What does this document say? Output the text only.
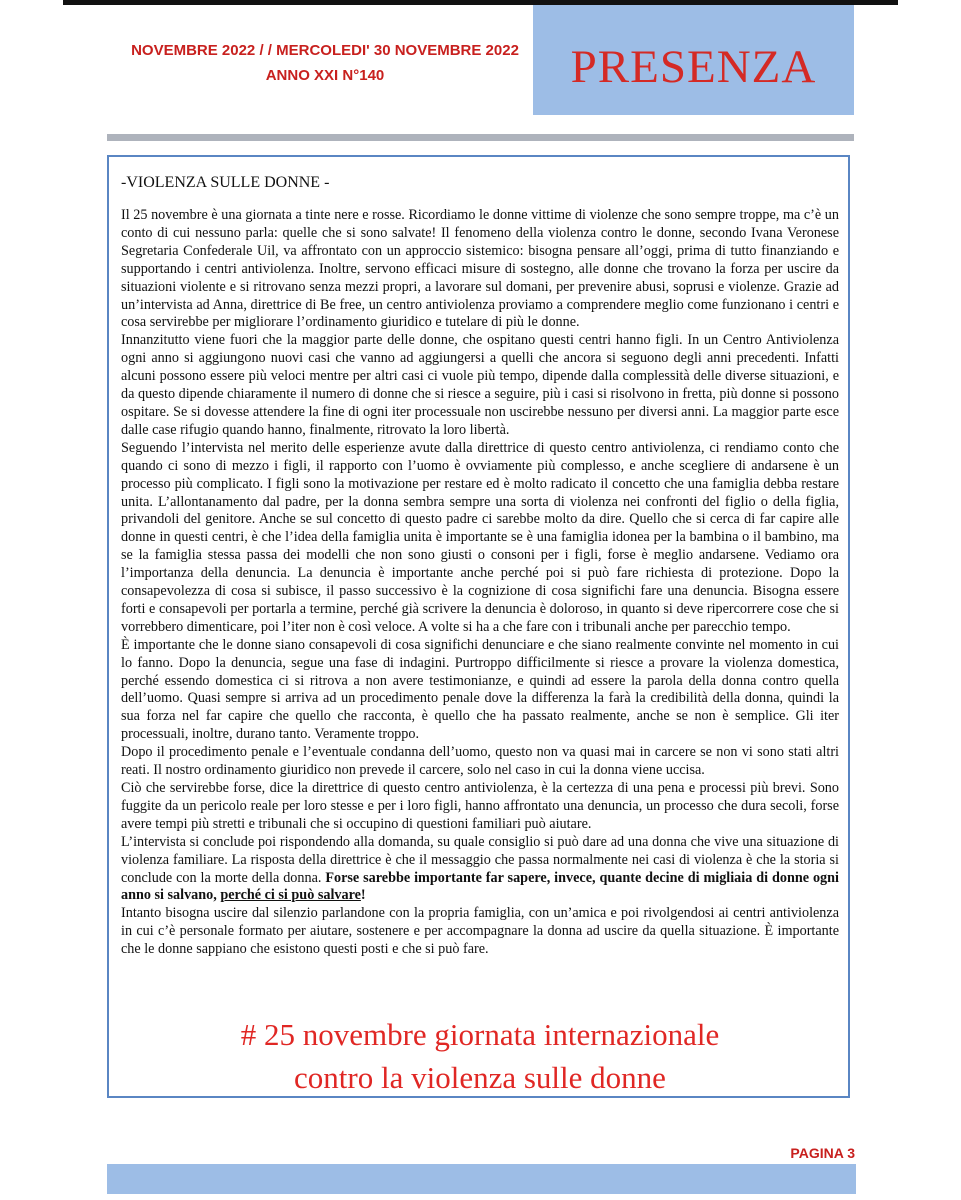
NOVEMBRE 2022 / / MERCOLEDI' 30 NOVEMBRE 2022
ANNO XXI N°140	PRESENZA
-VIOLENZA SULLE DONNE -

Il 25 novembre è una giornata a tinte nere e rosse. Ricordiamo le donne vittime di violenze che sono sempre troppe, ma c’è un conto di cui nessuno parla: quelle che si sono salvate! Il fenomeno della violenza contro le donne, secondo Ivana Veronese Segretaria Confederale Uil, va affrontato con un approccio sistemico: bisogna pensare all’oggi, prima di tutto finanziando e supportando i centri antiviolenza. Inoltre, servono efficaci misure di sostegno, alle donne che trovano la forza per uscire da situazioni violente e si ritrovano senza mezzi propri, a lavorare sul domani, per prevenire abusi, soprusi e violenze. Grazie ad un’intervista ad Anna, direttrice di Be free, un centro antiviolenza proviamo a comprendere meglio come funzionano i centri e cosa servirebbe per migliorare l’ordinamento giuridico e tutelare di più le donne.

Innanzitutto viene fuori che la maggior parte delle donne, che ospitano questi centri hanno figli. In un Centro Antiviolenza ogni anno si aggiungono nuovi casi che vanno ad aggiungersi a quelli che ancora si seguono degli anni precedenti. Infatti alcuni possono essere più veloci mentre per altri casi ci vuole più tempo, dipende dalla complessità delle diverse situazioni, e da questo dipende chiaramente il numero di donne che si riesce a seguire, più i casi si risolvono in fretta, più donne si possono ospitare. Se si dovesse attendere la fine di ogni iter processuale non uscirebbe nessuno per diversi anni. La maggior parte esce dalle case rifugio quando hanno, finalmente, ritrovato la loro libertà.

Seguendo l’intervista nel merito delle esperienze avute dalla direttrice di questo centro antiviolenza, ci rendiamo conto che quando ci sono di mezzo i figli, il rapporto con l’uomo è ovviamente più complesso, e anche scegliere di andarsene è un processo più complicato. I figli sono la motivazione per restare ed è molto radicato il concetto che una famiglia debba restare unita. L’allontanamento dal padre, per la donna sembra sempre una sorta di violenza nei confronti del figlio o della figlia, privandoli del genitore. Anche se sul concetto di questo padre ci sarebbe molto da dire. Quello che si cerca di far capire alle donne in questi centri, è che l’idea della famiglia unita è importante se è una famiglia idonea per la bambina o il bambino, ma se la famiglia stessa passa dei modelli che non sono giusti o consoni per i figli, forse è meglio andarsene. Vediamo ora l’importanza della denuncia. La denuncia è importante anche perché poi si può fare richiesta di protezione. Dopo la consapevolezza di cosa si subisce, il passo successivo è la cognizione di cosa significhi fare una denuncia. Bisogna essere forti e consapevoli per portarla a termine, perché già scrivere la denuncia è doloroso, in quanto si deve ripercorrere cose che si vorrebbero dimenticare, poi l’iter non è così veloce. A volte si ha a che fare con i tribunali anche per parecchio tempo.

È importante che le donne siano consapevoli di cosa significhi denunciare e che siano realmente convinte nel momento in cui lo fanno. Dopo la denuncia, segue una fase di indagini. Purtroppo difficilmente si riesce a provare la violenza domestica, perché essendo domestica ci si ritrova a non avere testimonianze, e quindi ad essere la parola della donna contro quella dell’uomo. Quasi sempre si arriva ad un procedimento penale dove la differenza la farà la credibilità della donna, quindi la sua forza nel far capire che quello che racconta, è quello che ha passato realmente, anche se non è semplice. Gli iter processuali, inoltre, durano tanto. Veramente troppo.

Dopo il procedimento penale e l’eventuale condanna dell’uomo, questo non va quasi mai in carcere se non vi sono stati altri reati. Il nostro ordinamento giuridico non prevede il carcere, solo nel caso in cui la donna viene uccisa.

Ciò che servirebbe forse, dice la direttrice di questo centro antiviolenza, è la certezza di una pena e processi più brevi. Sono fuggite da un pericolo reale per loro stesse e per i loro figli, hanno affrontato una denuncia, un processo che dura secoli, forse avere tempi più stretti e tribunali che si occupino di questioni familiari può aiutare.

L’intervista si conclude poi rispondendo alla domanda, su quale consiglio si può dare ad una donna che vive una situazione di violenza familiare. La risposta della direttrice è che il messaggio che passa normalmente nei casi di violenza è che la storia si conclude con la morte della donna. Forse sarebbe importante far sapere, invece, quante decine di migliaia di donne ogni anno si salvano, perché ci si può salvare!

Intanto bisogna uscire dal silenzio parlandone con la propria famiglia, con un’amica e poi rivolgendosi ai centri antiviolenza in cui c’è personale formato per aiutare, sostenere e per accompagnare la donna ad uscire da quella situazione. È importante che le donne sappiano che esistono questi posti e che si può fare.

# 25 novembre giornata internazionale
contro la violenza sulle donne
PAGINA 3
